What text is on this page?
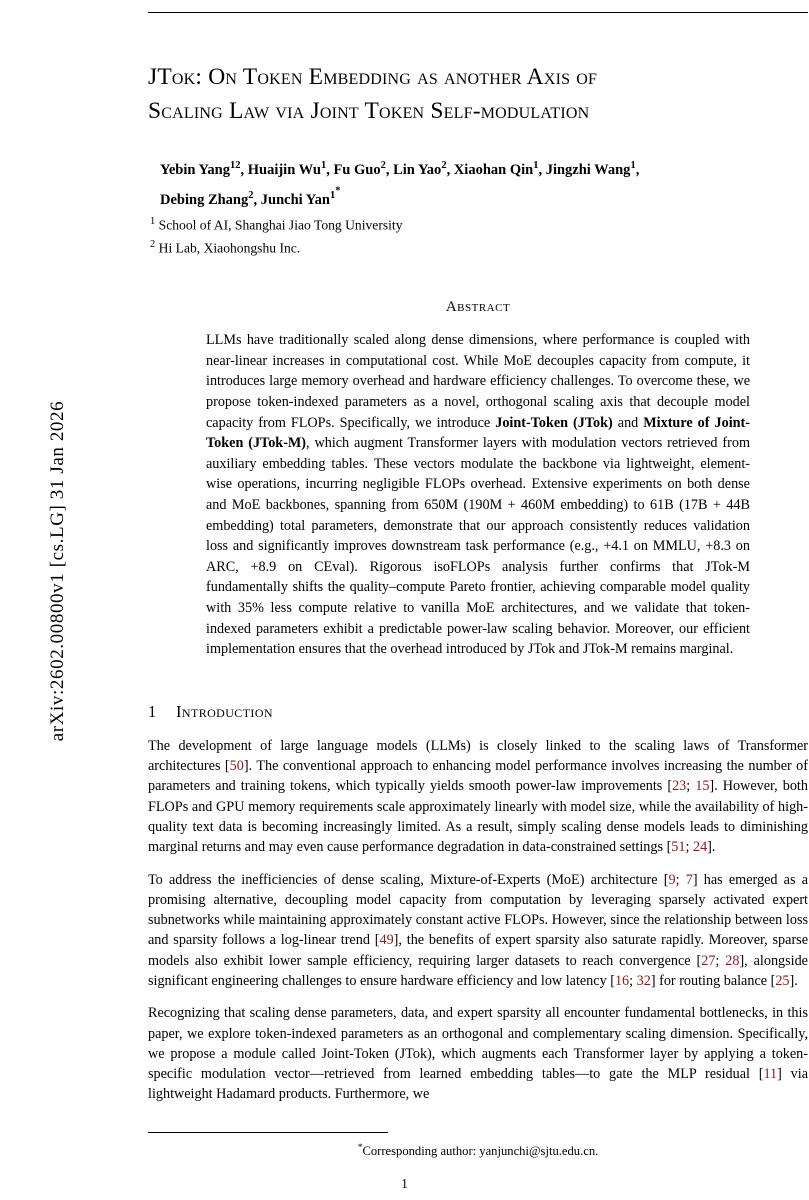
arXiv:2602.00800v1 [cs.LG] 31 Jan 2026
JTok: On Token Embedding as another Axis of
Scaling Law via Joint Token Self-modulation

Yebin Yang$^{12}$, Huaijin Wu$^1$, Fu Guo$^2$, Lin Yao$^2$, Xiaohan Qin$^1$, Jingzhi Wang$^1$,

Debing Zhang$^2$, Junchi Yan$^{1*}$

$^1$ School of AI, Shanghai Jiao Tong University

$^2$ Hi Lab, Xiaohongshu Inc.

Abstract

LLMs have traditionally scaled along dense dimensions, where performance is coupled with near-linear increases in computational cost. While MoE decouples capacity from compute, it introduces large memory overhead and hardware efficiency challenges. To overcome these, we propose token-indexed parameters as a novel, orthogonal scaling axis that decouple model capacity from FLOPs. Specifically, we introduce Joint-Token (JTok) and Mixture of Joint-Token (JTok-M), which augment Transformer layers with modulation vectors retrieved from auxiliary embedding tables. These vectors modulate the backbone via lightweight, element-wise operations, incurring negligible FLOPs overhead. Extensive experiments on both dense and MoE backbones, spanning from 650M (190M + 460M embedding) to 61B (17B + 44B embedding) total parameters, demonstrate that our approach consistently reduces validation loss and significantly improves downstream task performance (e.g., +4.1 on MMLU, +8.3 on ARC, +8.9 on CEval). Rigorous isoFLOPs analysis further confirms that JTok-M fundamentally shifts the quality–compute Pareto frontier, achieving comparable model quality with 35% less compute relative to vanilla MoE architectures, and we validate that token-indexed parameters exhibit a predictable power-law scaling behavior. Moreover, our efficient implementation ensures that the overhead introduced by JTok and JTok-M remains marginal.

1 Introduction

The development of large language models (LLMs) is closely linked to the scaling laws of Transformer architectures [50]. The conventional approach to enhancing model performance involves increasing the number of parameters and training tokens, which typically yields smooth power-law improvements [23; 15]. However, both FLOPs and GPU memory requirements scale approximately linearly with model size, while the availability of high-quality text data is becoming increasingly limited. As a result, simply scaling dense models leads to diminishing marginal returns and may even cause performance degradation in data-constrained settings [51; 24].

To address the inefficiencies of dense scaling, Mixture-of-Experts (MoE) architecture [9; 7] has emerged as a promising alternative, decoupling model capacity from computation by leveraging sparsely activated expert subnetworks while maintaining approximately constant active FLOPs. However, since the relationship between loss and sparsity follows a log-linear trend [49], the benefits of expert sparsity also saturate rapidly. Moreover, sparse models also exhibit lower sample efficiency, requiring larger datasets to reach convergence [27; 28], alongside significant engineering challenges to ensure hardware efficiency and low latency [16; 32] for routing balance [25].

Recognizing that scaling dense parameters, data, and expert sparsity all encounter fundamental bottlenecks, in this paper, we explore token-indexed parameters as an orthogonal and complementary scaling dimension. Specifically, we propose a module called Joint-Token (JTok), which augments each Transformer layer by applying a token-specific modulation vector—retrieved from learned embedding tables—to gate the MLP residual [11] via lightweight Hadamard products. Furthermore, we

*Corresponding author: yanjunchi@sjtu.edu.cn.
1
